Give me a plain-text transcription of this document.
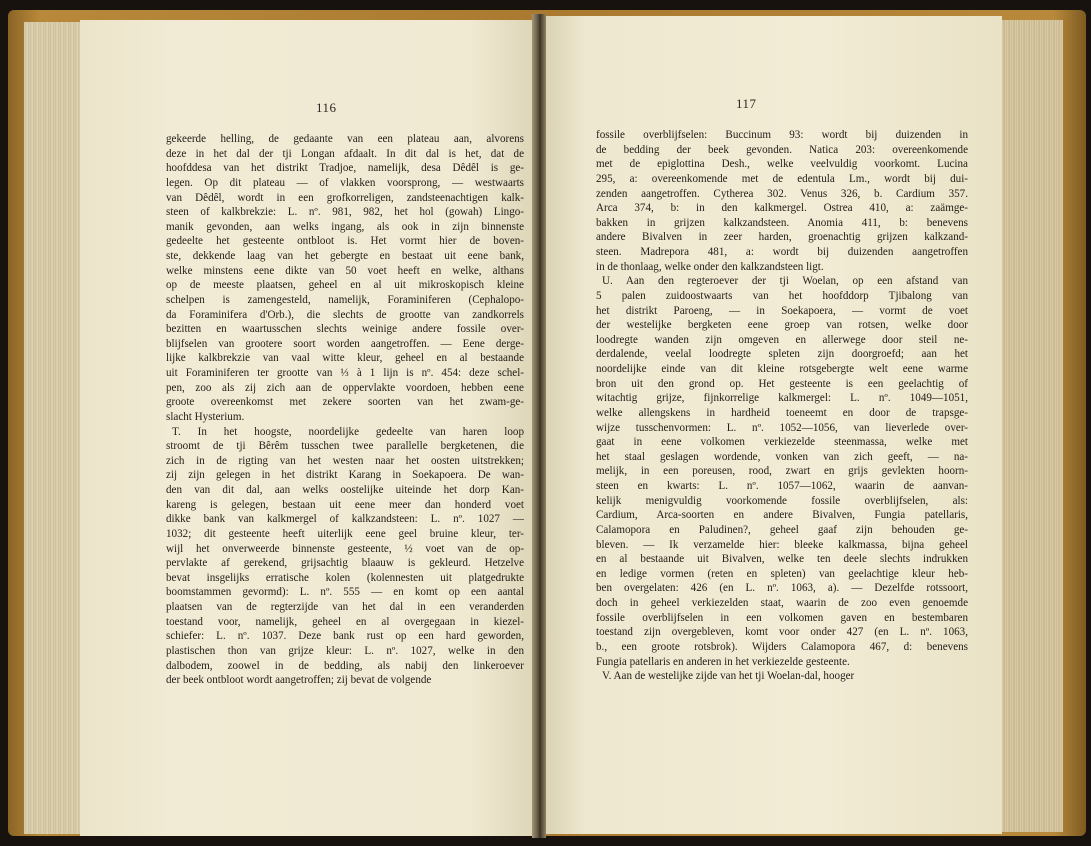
116
gekeerde helling, de gedaante van een plateau aan, alvorens
deze in het dal der tji Longan afdaalt. In dit dal is het, dat de
hoofddesa van het distrikt Tradjoe, namelijk, desa Dêdêl is ge-
legen. Op dit plateau — of vlakken voorsprong, — westwaarts
van Dêdêl, wordt in een grofkorreligen, zandsteenachtigen kalk-
steen of kalkbrekzie: L. nº. 981, 982, het hol (gowah) Lingo-
manik gevonden, aan welks ingang, als ook in zijn binnenste
gedeelte het gesteente ontbloot is. Het vormt hier de boven-
ste, dekkende laag van het gebergte en bestaat uit eene bank,
welke minstens eene dikte van 50 voet heeft en welke, althans
op de meeste plaatsen, geheel en al uit mikroskopisch kleine
schelpen is zamengesteld, namelijk, Foraminiferen (Cephalopo-
da Foraminifera d'Orb.), die slechts de grootte van zandkorrels
bezitten en waartusschen slechts weinige andere fossile over-
blijfselen van grootere soort worden aangetroffen. — Eene derge-
lijke kalkbrekzie van vaal witte kleur, geheel en al bestaande
uit Foraminiferen ter grootte van ⅓ à 1 lijn is nº. 454: deze schel-
pen, zoo als zij zich aan de oppervlakte voordoen, hebben eene
groote overeenkomst met zekere soorten van het zwam-ge-
slacht Hysterium.
T. In het hoogste, noordelijke gedeelte van haren loop
stroomt de tji Bêrêm tusschen twee parallelle bergketenen, die
zich in de rigting van het westen naar het oosten uitstrekken;
zij zijn gelegen in het distrikt Karang in Soekapoera. De wan-
den van dit dal, aan welks oostelijke uiteinde het dorp Kan-
kareng is gelegen, bestaan uit eene meer dan honderd voet
dikke bank van kalkmergel of kalkzandsteen: L. nº. 1027 —
1032; dit gesteente heeft uiterlijk eene geel bruine kleur, ter-
wijl het onverweerde binnenste gesteente, ½ voet van de op-
pervlakte af gerekend, grijsachtig blaauw is gekleurd. Hetzelve
bevat insgelijks erratische kolen (kolennesten uit platgedrukte
boomstammen gevormd): L. nº. 555 — en komt op een aantal
plaatsen van de regterzijde van het dal in een veranderden
toestand voor, namelijk, geheel en al overgegaan in kiezel-
schiefer: L. nº. 1037. Deze bank rust op een hard geworden,
plastischen thon van grijze kleur: L. nº. 1027, welke in den
dalbodem, zoowel in de bedding, als nabij den linkeroever
der beek ontbloot wordt aangetroffen; zij bevat de volgende
117
fossile overblijfselen: Buccinum 93: wordt bij duizenden in
de bedding der beek gevonden. Natica 203: overeenkomende
met de epiglottina Desh., welke veelvuldig voorkomt. Lucina
295, a: overeenkomende met de edentula Lm., wordt bij dui-
zenden aangetroffen. Cytherea 302. Venus 326, b. Cardium 357.
Arca 374, b: in den kalkmergel. Ostrea 410, a: zaämge-
bakken in grijzen kalkzandsteen. Anomia 411, b: benevens
andere Bivalven in zeer harden, groenachtig grijzen kalkzand-
steen. Madrepora 481, a: wordt bij duizenden aangetroffen
in de thonlaag, welke onder den kalkzandsteen ligt.
U. Aan den regteroever der tji Woelan, op een afstand van
5 palen zuidoostwaarts van het hoofddorp Tjibalong van
het distrikt Paroeng, — in Soekapoera, — vormt de voet
der westelijke bergketen eene groep van rotsen, welke door
loodregte wanden zijn omgeven en allerwege door steil ne-
derdalende, veelal loodregte spleten zijn doorgroefd; aan het
noordelijke einde van dit kleine rotsgebergte welt eene warme
bron uit den grond op. Het gesteente is een geelachtig of
witachtig grijze, fijnkorrelige kalkmergel: L. nº. 1049—1051,
welke allengskens in hardheid toeneemt en door de trapsge-
wijze tusschenvormen: L. nº. 1052—1056, van lieverlede over-
gaat in eene volkomen verkiezelde steenmassa, welke met
het staal geslagen wordende, vonken van zich geeft, — na-
melijk, in een poreusen, rood, zwart en grijs gevlekten hoorn-
steen en kwarts: L. nº. 1057—1062, waarin de aanvan-
kelijk menigvuldig voorkomende fossile overblijfselen, als:
Cardium, Arca-soorten en andere Bivalven, Fungia patellaris,
Calamopora en Paludinen?, geheel gaaf zijn behouden ge-
bleven. — Ik verzamelde hier: bleeke kalkmassa, bijna geheel
en al bestaande uit Bivalven, welke ten deele slechts indrukken
en ledige vormen (reten en spleten) van geelachtige kleur heb-
ben overgelaten: 426 (en L. nº. 1063, a). — Dezelfde rotssoort,
doch in geheel verkiezelden staat, waarin de zoo even genoemde
fossile overblijfselen in een volkomen gaven en bestembaren
toestand zijn overgebleven, komt voor onder 427 (en L. nº. 1063,
b., een groote rotsbrok). Wijders Calamopora 467, d: benevens
Fungia patellaris en anderen in het verkiezelde gesteente.
V. Aan de westelijke zijde van het tji Woelan-dal, hooger
